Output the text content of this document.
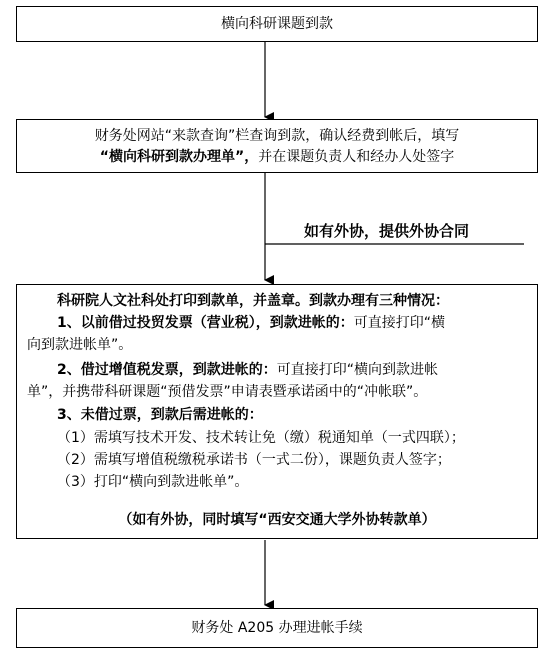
横向科研课题到款
财务处网站“来款查询”栏查询到款，确认经费到帐后，填写
“横向科研到款办理单”，并在课题负责人和经办人处签字
如有外协，提供外协合同
科研院人文社科处打印到款单，并盖章。到款办理有三种情况：
1、以前借过投贸发票（营业税），到款进帐的：可直接打印“横
向到款进帐单”。
2、借过增值税发票，到款进帐的：可直接打印“横向到款进帐
单”，并携带科研课题“预借发票”申请表暨承诺函中的“冲帐联”。
3、未借过票，到款后需进帐的：
（1）需填写技术开发、技术转让免（缴）税通知单（一式四联）；
（2）需填写增值税缴税承诺书（一式二份），课题负责人签字；
（3）打印“横向到款进帐单”。
（如有外协，同时填写“西安交通大学外协转款单）
财务处 A205 办理进帐手续
